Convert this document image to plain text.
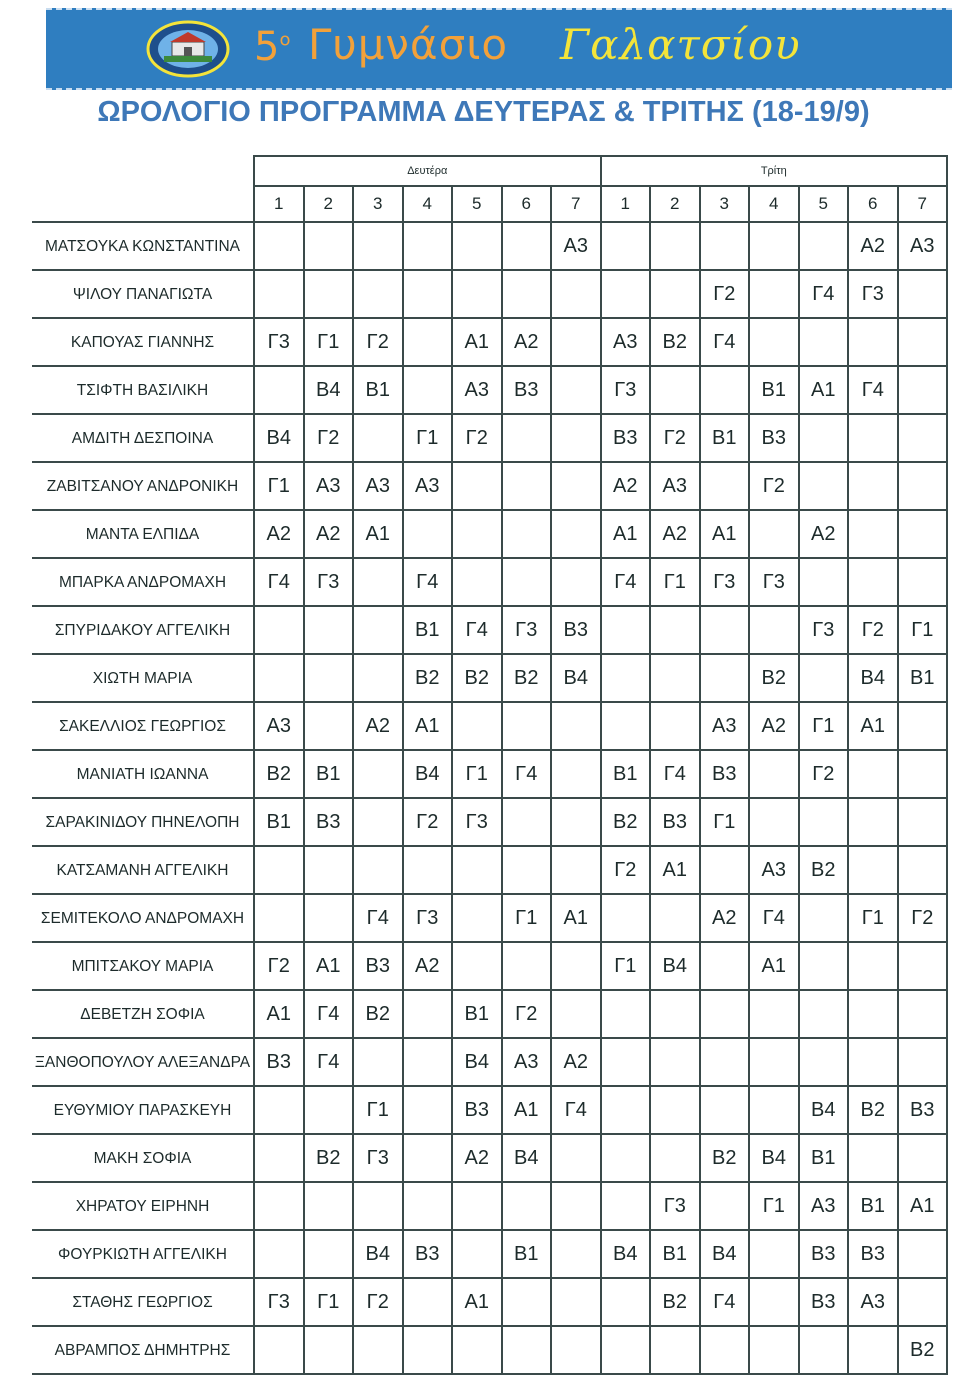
$5^o$ Γυμνάσιο Γαλατσίου
ΩΡΟΛΟΓΙΟ ΠΡΟΓΡΑΜΜΑ ΔΕΥΤΕΡΑΣ & ΤΡΙΤΗΣ (18-19/9)
	Δευτέρα							Τρίτη						
	1	2	3	4	5	6	7	1	2	3	4	5	6	7
ΜΑΤΣΟΥΚΑ ΚΩΝΣΤΑΝΤΙΝΑ							Α3						Α2	Α3
ΨΙΛΟΥ ΠΑΝΑΓΙΩΤΑ										Γ2		Γ4	Γ3	
ΚΑΠΟΥΑΣ ΓΙΑΝΝΗΣ	Γ3	Γ1	Γ2		Α1	Α2		Α3	Β2	Γ4				
ΤΣΙΦΤΗ ΒΑΣΙΛΙΚΗ		Β4	Β1		Α3	Β3		Γ3			Β1	Α1	Γ4	
ΑΜΔΙΤΗ ΔΕΣΠΟΙΝΑ	Β4	Γ2		Γ1	Γ2			Β3	Γ2	Β1	Β3			
ΖΑΒΙΤΣΑΝΟΥ ΑΝΔΡΟΝΙΚΗ	Γ1	Α3	Α3	Α3				Α2	Α3		Γ2			
ΜΑΝΤΑ ΕΛΠΙΔΑ	Α2	Α2	Α1					Α1	Α2	Α1		Α2		
ΜΠΑΡΚΑ ΑΝΔΡΟΜΑΧΗ	Γ4	Γ3		Γ4				Γ4	Γ1	Γ3	Γ3			
ΣΠΥΡΙΔΑΚΟΥ ΑΓΓΕΛΙΚΗ				Β1	Γ4	Γ3	Β3					Γ3	Γ2	Γ1
ΧΙΩΤΗ ΜΑΡΙΑ				Β2	Β2	Β2	Β4				Β2		Β4	Β1
ΣΑΚΕΛΛΙΟΣ ΓΕΩΡΓΙΟΣ	Α3		Α2	Α1						Α3	Α2	Γ1	Α1	
ΜΑΝΙΑΤΗ ΙΩΑΝΝΑ	Β2	Β1		Β4	Γ1	Γ4		Β1	Γ4	Β3		Γ2		
ΣΑΡΑΚΙΝΙΔΟΥ ΠΗΝΕΛΟΠΗ	Β1	Β3		Γ2	Γ3			Β2	Β3	Γ1				
ΚΑΤΣΑΜΑΝΗ ΑΓΓΕΛΙΚΗ								Γ2	Α1		Α3	Β2		
ΣΕΜΙΤΕΚΟΛΟ ΑΝΔΡΟΜΑΧΗ			Γ4	Γ3		Γ1	Α1			Α2	Γ4		Γ1	Γ2
ΜΠΙΤΣΑΚΟΥ ΜΑΡΙΑ	Γ2	Α1	Β3	Α2				Γ1	Β4		Α1			
ΔΕΒΕΤΖΗ ΣΟΦΙΑ	Α1	Γ4	Β2		Β1	Γ2								
ΞΑΝΘΟΠΟΥΛΟΥ ΑΛΕΞΑΝΔΡΑ	Β3	Γ4			Β4	Α3	Α2							
ΕΥΘΥΜΙΟΥ ΠΑΡΑΣΚΕΥΗ			Γ1		Β3	Α1	Γ4					Β4	Β2	Β3
ΜΑΚΗ ΣΟΦΙΑ		Β2	Γ3		Α2	Β4				Β2	Β4	Β1		
ΧΗΡΑΤΟΥ ΕΙΡΗΝΗ									Γ3		Γ1	Α3	Β1	Α1
ΦΟΥΡΚΙΩΤΗ ΑΓΓΕΛΙΚΗ			Β4	Β3		Β1		Β4	Β1	Β4		Β3	Β3	
ΣΤΑΘΗΣ ΓΕΩΡΓΙΟΣ	Γ3	Γ1	Γ2		Α1				Β2	Γ4		Β3	Α3	
ΑΒΡΑΜΠΟΣ ΔΗΜΗΤΡΗΣ														Β2
